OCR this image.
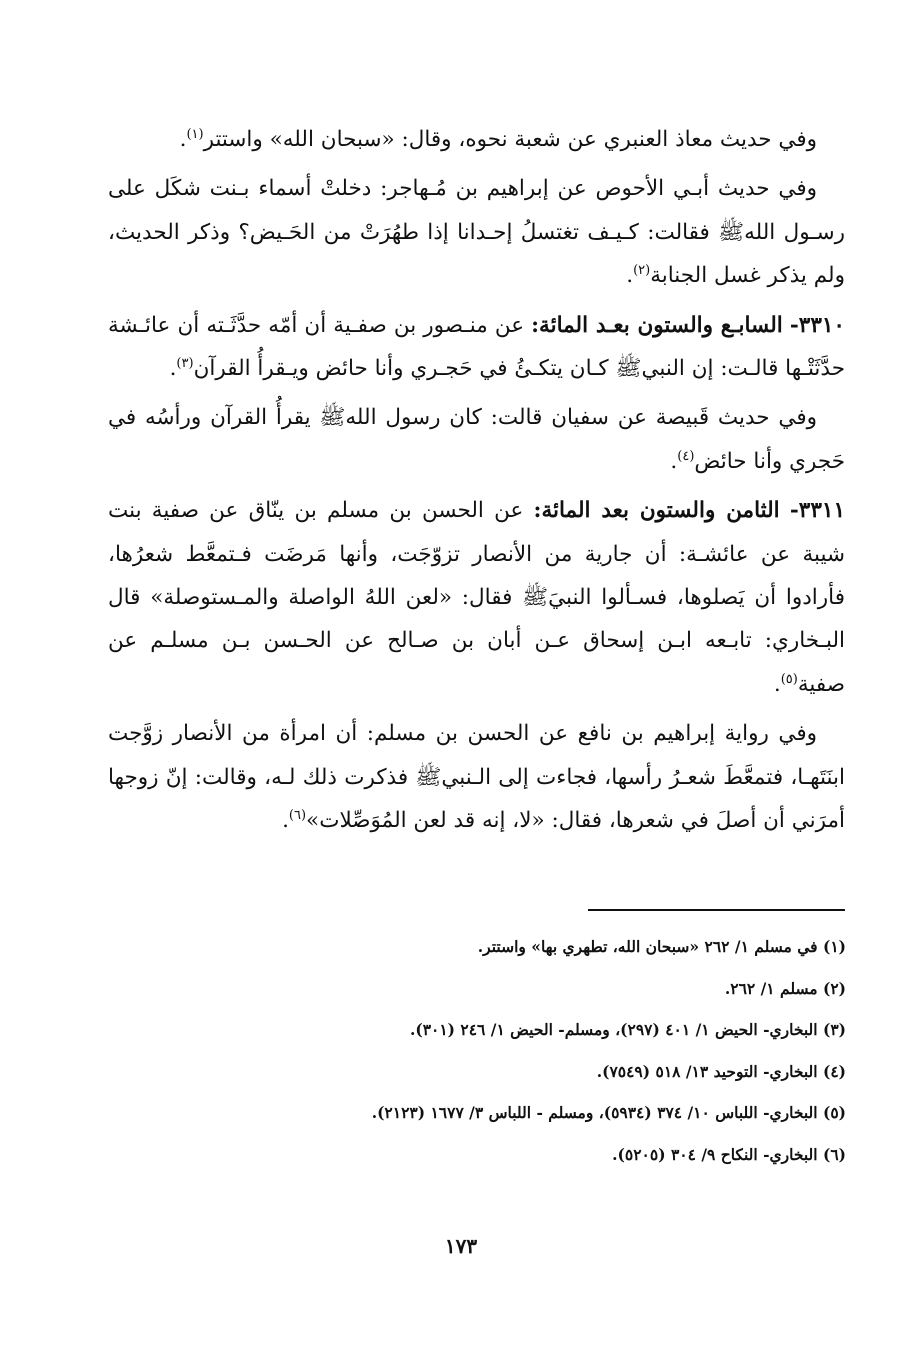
وفي حديث معاذ العنبري عن شعبة نحوه، وقال: «سبحان الله» واستتر$^{(١)}$.

وفي حديث أبـي الأحوص عن إبراهيم بن مُـهاجر: دخلتْ أسماء بـنت شكَل على رسـول اللهﷺ فقالت: كـيـف تغتسلُ إحـدانا إذا طهُرَتْ من الحَـيض؟ وذكر الحديث، ولم يذكر غسل الجنابة$^{(٢)}$.

٣٣١٠- السابـع والستون بعـد المائة: عن منـصور بن صفـية أن أمّه حدَّثَـته أن عائـشة حدَّثَتْـها قالـت: إن النبيﷺ كـان يتكـئُ في حَجـري وأنا حائض ويـقرأُ القرآن$^{(٣)}$.

وفي حديث قَبيصة عن سفيان قالت: كان رسول اللهﷺ يقرأُ القرآن ورأسُه في حَجري وأنا حائض$^{(٤)}$.

٣٣١١- الثامن والستون بعد المائة: عن الحسن بن مسلم بن ينّاق عن صفية بنت شيبة عن عائشـة: أن جارية من الأنصار تزوّجَت، وأنها مَرضَت فـتمعَّط شعرُها، فأرادوا أن يَصلوها، فسـألوا النبيَﷺ فقال: «لعن اللهُ الواصلة والمـستوصلة» قال البـخاري: تابـعه ابـن إسحاق عـن أبان بن صـالح عن الحـسن بـن مسلـم عن صفية$^{(٥)}$.

وفي رواية إبراهيم بن نافع عن الحسن بن مسلم: أن امرأة من الأنصار زوَّجت ابنَتَهـا، فتمعَّطَ شعـرُ رأسها، فجاءت إلى الـنبيﷺ فذكرت ذلك لـه، وقالت: إنّ زوجها أمرَني أن أصلَ في شعرها، فقال: «لا، إنه قد لعن المُوَصِّلات»$^{(٦)}$.

(١) في مسلم ١/ ٢٦٢ «سبحان الله، تطهري بها» واستتر.
(٢) مسلم ١/ ٢٦٢.
(٣) البخاري- الحيض ١/ ٤٠١ (٢٩٧)، ومسلم- الحيض ١/ ٢٤٦ (٣٠١).
(٤) البخاري- التوحيد ١٣/ ٥١٨ (٧٥٤٩).
(٥) البخاري- اللباس ١٠/ ٣٧٤ (٥٩٣٤)، ومسلم - اللباس ٣/ ١٦٧٧ (٢١٢٣).
(٦) البخاري- النكاح ٩/ ٣٠٤ (٥٢٠٥).
١٧٣
